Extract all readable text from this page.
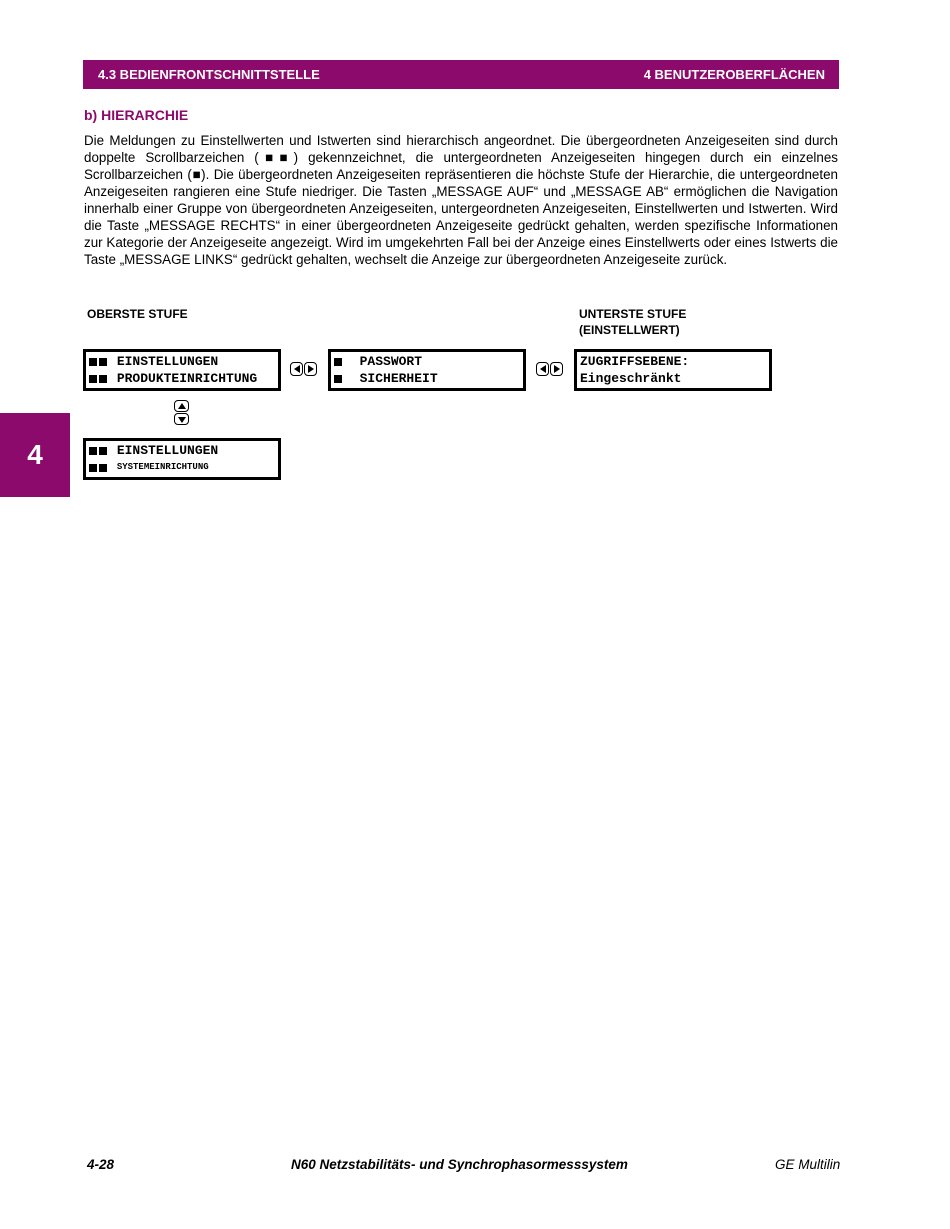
4.3 BEDIENFRONTSCHNITTSTELLE	4 BENUTZEROBERFLÄCHEN
4
b) HIERARCHIE
Die Meldungen zu Einstellwerten und Istwerten sind hierarchisch angeordnet. Die übergeordneten Anzeigeseiten sind durch doppelte Scrollbarzeichen (■■) gekennzeichnet, die untergeordneten Anzeigeseiten hingegen durch ein einzelnes Scrollbarzeichen (■). Die übergeordneten Anzeigeseiten repräsentieren die höchste Stufe der Hierarchie, die untergeordneten Anzeigeseiten rangieren eine Stufe niedriger. Die Tasten „MESSAGE AUF“ und „MESSAGE AB“ ermöglichen die Navigation innerhalb einer Gruppe von übergeordneten Anzeigeseiten, untergeordneten Anzeigeseiten, Einstellwerten und Istwerten. Wird die Taste „MESSAGE RECHTS“ in einer übergeordneten Anzeigeseite gedrückt gehalten, werden spezifische Informationen zur Kategorie der Anzeigeseite angezeigt. Wird im umgekehrten Fall bei der Anzeige eines Einstellwerts oder eines Istwerts die Taste „MESSAGE LINKS“ gedrückt gehalten, wechselt die Anzeige zur übergeordneten Anzeigeseite zurück.
OBERSTE STUFE	UNTERSTE STUFE
(EINSTELLWERT)

EINSTELLUNGEN

PRODUKTEINRICHTUNG

PASSWORT

SICHERHEIT
ZUGRIFFSEBENE:
Eingeschränkt

EINSTELLUNGEN

SYSTEMEINRICHTUNG
4-28	N60 Netzstabilitäts- und Synchrophasormesssystem	GE Multilin
